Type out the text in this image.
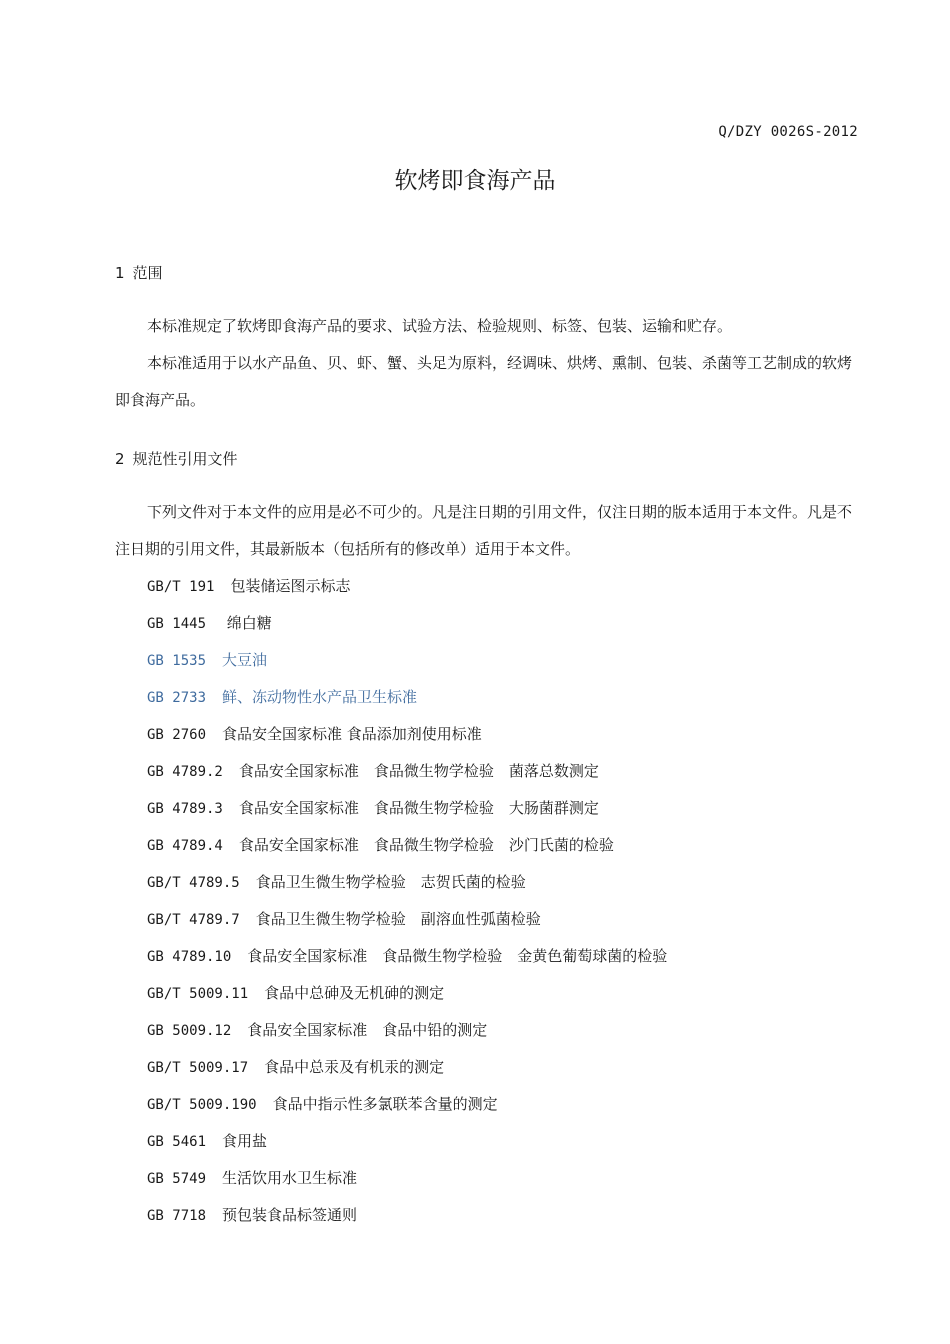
Q/DZY 0026S-2012
软烤即食海产品
1 范围

本标准规定了软烤即食海产品的要求、试验方法、检验规则、标签、包装、运输和贮存。

本标准适用于以水产品鱼、贝、虾、蟹、头足为原料，经调味、烘烤、熏制、包装、杀菌等工艺制成的软烤即食海产品。

2 规范性引用文件

下列文件对于本文件的应用是必不可少的。凡是注日期的引用文件，仅注日期的版本适用于本文件。凡是不注日期的引用文件，其最新版本（包括所有的修改单）适用于本文件。

GB/T 191 包装储运图示标志
GB 1445 绵白糖
GB 1535 大豆油
GB 2733 鲜、冻动物性水产品卫生标准
GB 2760 食品安全国家标准 食品添加剂使用标准
GB 4789.2 食品安全国家标准　食品微生物学检验　菌落总数测定
GB 4789.3 食品安全国家标准　食品微生物学检验　大肠菌群测定
GB 4789.4 食品安全国家标准　食品微生物学检验　沙门氏菌的检验
GB/T 4789.5 食品卫生微生物学检验　志贺氏菌的检验
GB/T 4789.7 食品卫生微生物学检验　副溶血性弧菌检验
GB 4789.10 食品安全国家标准　食品微生物学检验　金黄色葡萄球菌的检验
GB/T 5009.11 食品中总砷及无机砷的测定
GB 5009.12 食品安全国家标准　食品中铅的测定
GB/T 5009.17 食品中总汞及有机汞的测定
GB/T 5009.190 食品中指示性多氯联苯含量的测定
GB 5461 食用盐
GB 5749 生活饮用水卫生标准
GB 7718 预包装食品标签通则
